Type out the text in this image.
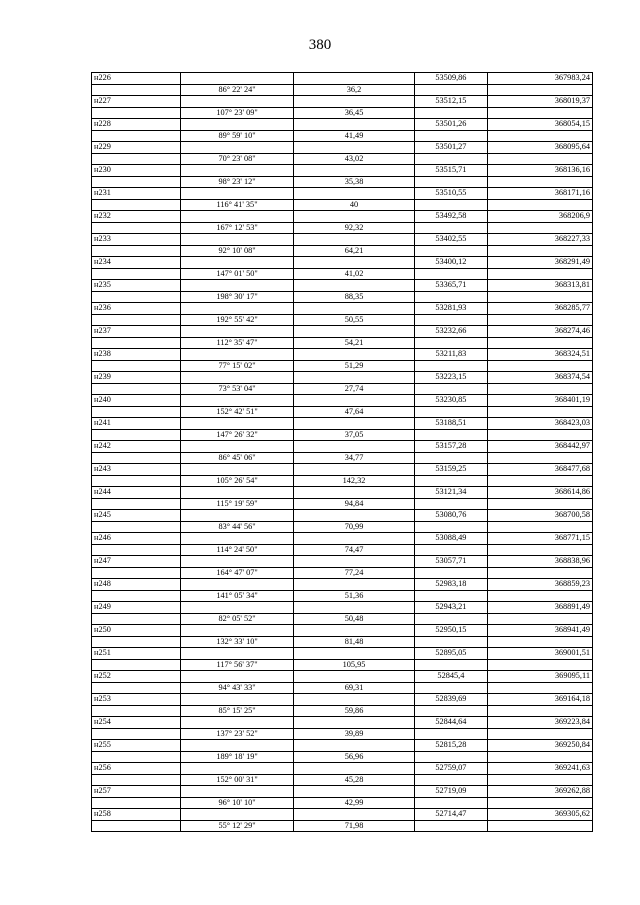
380
н226			53509,86	367983,24
	86° 22' 24"	36,2		
н227			53512,15	368019,37
	107° 23' 09"	36,45		
н228			53501,26	368054,15
	89° 59' 10"	41,49		
н229			53501,27	368095,64
	70° 23' 08"	43,02		
н230			53515,71	368136,16
	98° 23' 12"	35,38		
н231			53510,55	368171,16
	116° 41' 35"	40		
н232			53492,58	368206,9
	167° 12' 53"	92,32		
н233			53402,55	368227,33
	92° 10' 08"	64,21		
н234			53400,12	368291,49
	147° 01' 50"	41,02		
н235			53365,71	368313,81
	198° 30' 17"	88,35		
н236			53281,93	368285,77
	192° 55' 42"	50,55		
н237			53232,66	368274,46
	112° 35' 47"	54,21		
н238			53211,83	368324,51
	77° 15' 02"	51,29		
н239			53223,15	368374,54
	73° 53' 04"	27,74		
н240			53230,85	368401,19
	152° 42' 51"	47,64		
н241			53188,51	368423,03
	147° 26' 32"	37,05		
н242			53157,28	368442,97
	86° 45' 06"	34,77		
н243			53159,25	368477,68
	105° 26' 54"	142,32		
н244			53121,34	368614,86
	115° 19' 59"	94,84		
н245			53080,76	368700,58
	83° 44' 56"	70,99		
н246			53088,49	368771,15
	114° 24' 50"	74,47		
н247			53057,71	368838,96
	164° 47' 07"	77,24		
н248			52983,18	368859,23
	141° 05' 34"	51,36		
н249			52943,21	368891,49
	82° 05' 52"	50,48		
н250			52950,15	368941,49
	132° 33' 10"	81,48		
н251			52895,05	369001,51
	117° 56' 37"	105,95		
н252			52845,4	369095,11
	94° 43' 33"	69,31		
н253			52839,69	369164,18
	85° 15' 25"	59,86		
н254			52844,64	369223,84
	137° 23' 52"	39,89		
н255			52815,28	369250,84
	189° 18' 19"	56,96		
н256			52759,07	369241,63
	152° 00' 31"	45,28		
н257			52719,09	369262,88
	96° 10' 10"	42,99		
н258			52714,47	369305,62
	55° 12' 29"	71,98		
